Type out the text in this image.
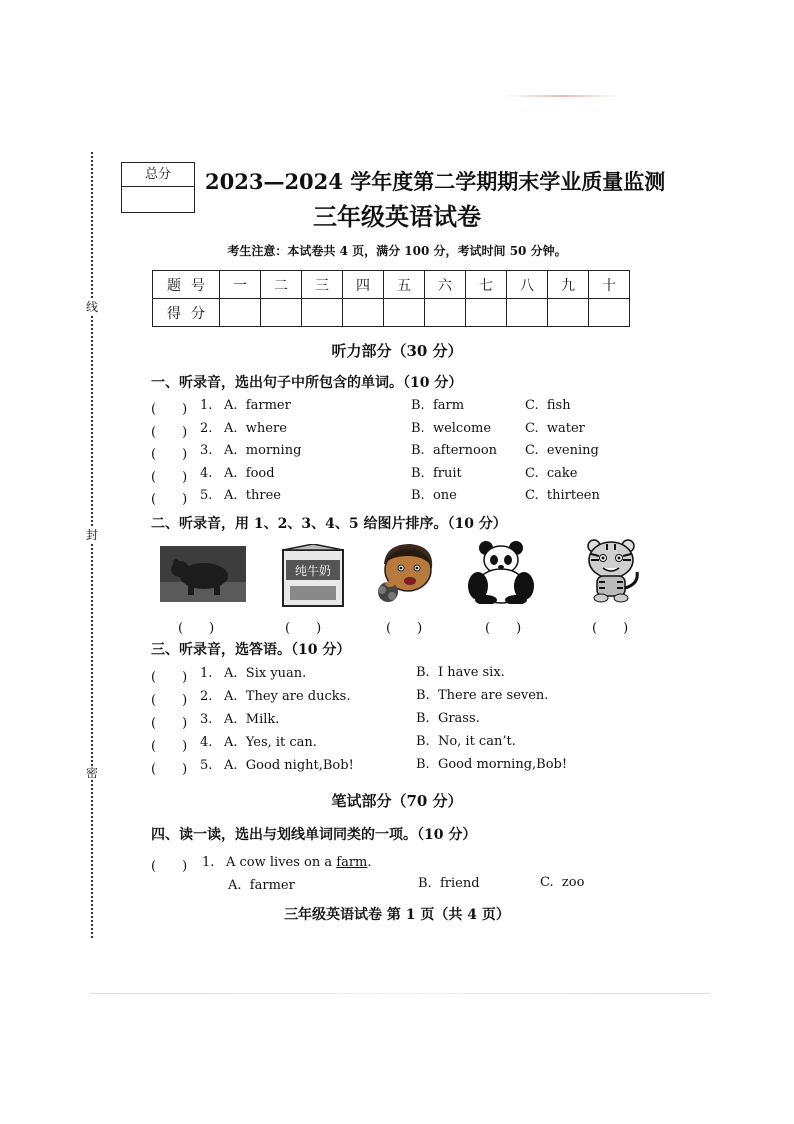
线
封
密
总分	2023—2024 学年度第二学期期末学业质量监测
三年级英语试卷
考生注意：本试卷共 4 页，满分 100 分，考试时间 50 分钟。
题号	一	二	三	四	五	六	七	八	九	十
得分										
听力部分（30 分）
一、听录音，选出句子中所包含的单词。（10 分）
(　　) 1. A. farmer	B. farm	C. fish
(　　) 2. A. where	B. welcome	C. water
(　　) 3. A. morning	B. afternoon C. evening
(　　) 4. A. food	B. fruit	C. cake
(　　) 5. A. three	B. one	C. thirteen
二、听录音，用 1、2、3、4、5 给图片排序。（10 分）
纯牛奶
(　　)	(　　)	(　　)	(　　)	(　　)
三、听录音，选答语。（10 分）
(　　) 1. A. Six yuan.	B. I have six.
(　　) 2. A. They are ducks.	B. There are seven.
(　　) 3. A. Milk.	B. Grass.
(　　) 4. A. Yes, it can.	B. No, it can’t.
(　　) 5. A. Good night,Bob!	B. Good morning,Bob!
笔试部分（70 分）
四、读一读，选出与划线单词同类的一项。（10 分）
(　　) 1. A cow lives on a farm.
A. farmer	B. friend	C. zoo
三年级英语试卷 第 1 页（共 4 页）
